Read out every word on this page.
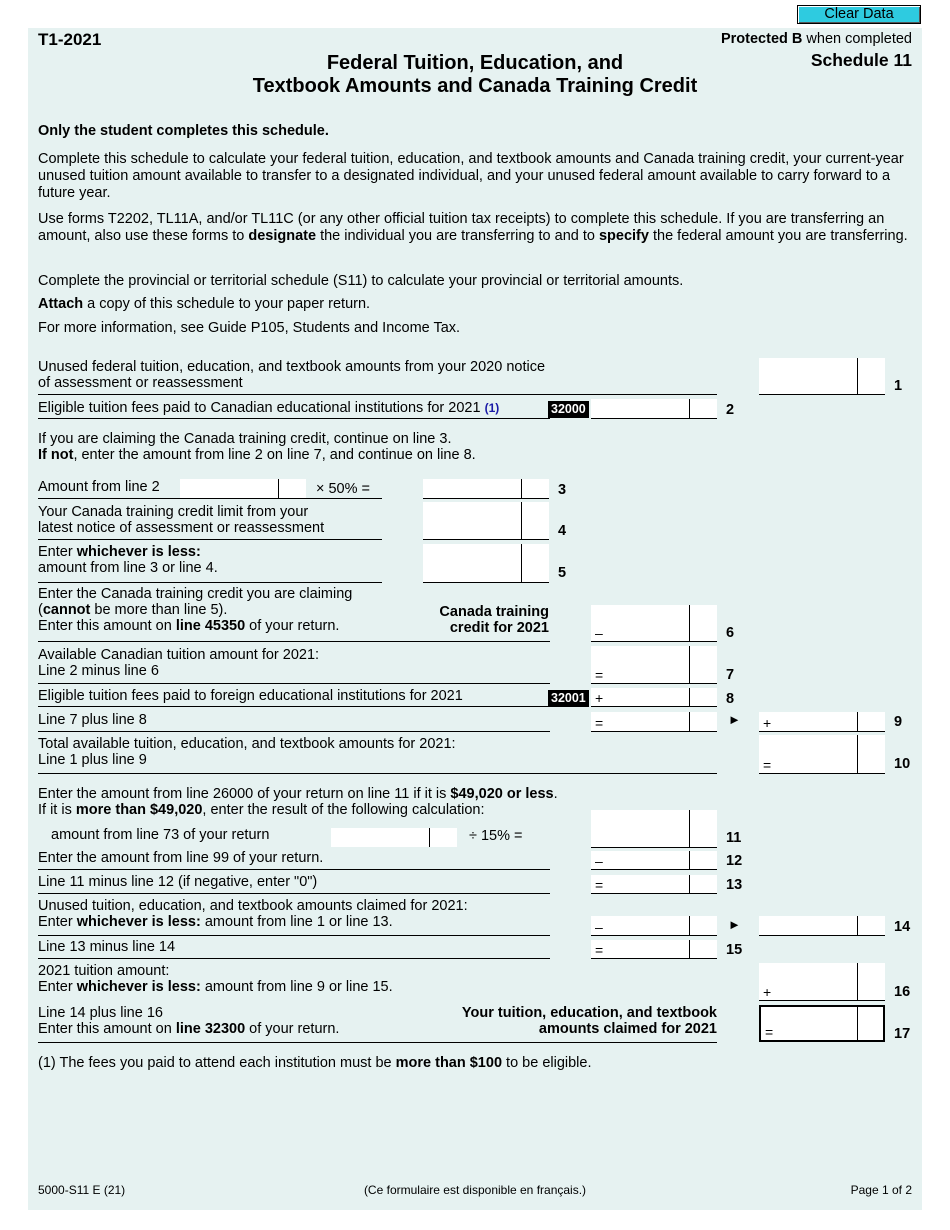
Clear Data
T1-2021	Protected B when completed
Schedule 11
Federal Tuition, Education, and
Textbook Amounts and Canada Training Credit
Only the student completes this schedule.
Complete this schedule to calculate your federal tuition, education, and textbook amounts and Canada training credit, your current-year unused tuition amount available to transfer to a designated individual, and your unused federal amount available to carry forward to a future year.
Use forms T2202, TL11A, and/or TL11C (or any other official tuition tax receipts) to complete this schedule. If you are transferring an amount, also use these forms to designate the individual you are transferring to and to specify the federal amount you are transferring.
Complete the provincial or territorial schedule (S11) to calculate your provincial or territorial amounts.
Attach a copy of this schedule to your paper return.
For more information, see Guide P105, Students and Income Tax.
Unused federal tuition, education, and textbook amounts from your 2020 notice
of assessment or reassessment	1
Eligible tuition fees paid to Canadian educational institutions for 2021 (1)	32000	2
If you are claiming the Canada training credit, continue on line 3.
If not, enter the amount from line 2 on line 7, and continue on line 8.
Amount from line 2	× 50% =	3
Your Canada training credit limit from your
latest notice of assessment or reassessment	4
Enter whichever is less:
amount from line 3 or line 4.	5
Enter the Canada training credit you are claiming
(cannot be more than line 5).
Enter this amount on line 45350 of your return.
Canada training
credit for 2021	–	6
Available Canadian tuition amount for 2021:
Line 2 minus line 6	=	7
Eligible tuition fees paid to foreign educational institutions for 2021	32001 +	8
Line 7 plus line 8	=	► +	9
Total available tuition, education, and textbook amounts for 2021:
Line 1 plus line 9	=	10
Enter the amount from line 26000 of your return on line 11 if it is $49,020 or less.
If it is more than $49,020, enter the result of the following calculation:
amount from line 73 of your return	÷ 15% =	11
Enter the amount from line 99 of your return.	–	12
Line 11 minus line 12 (if negative, enter "0")	=	13
Unused tuition, education, and textbook amounts claimed for 2021:
Enter whichever is less: amount from line 1 or line 13.	–	►	14
Line 13 minus line 14	=	15
2021 tuition amount:
Enter whichever is less: amount from line 9 or line 15.	+	16
Line 14 plus line 16
Enter this amount on line 32300 of your return.
Your tuition, education, and textbook
amounts claimed for 2021	=	17
(1) The fees you paid to attend each institution must be more than $100 to be eligible.
5000-S11 E (21)	(Ce formulaire est disponible en français.)	Page 1 of 2
